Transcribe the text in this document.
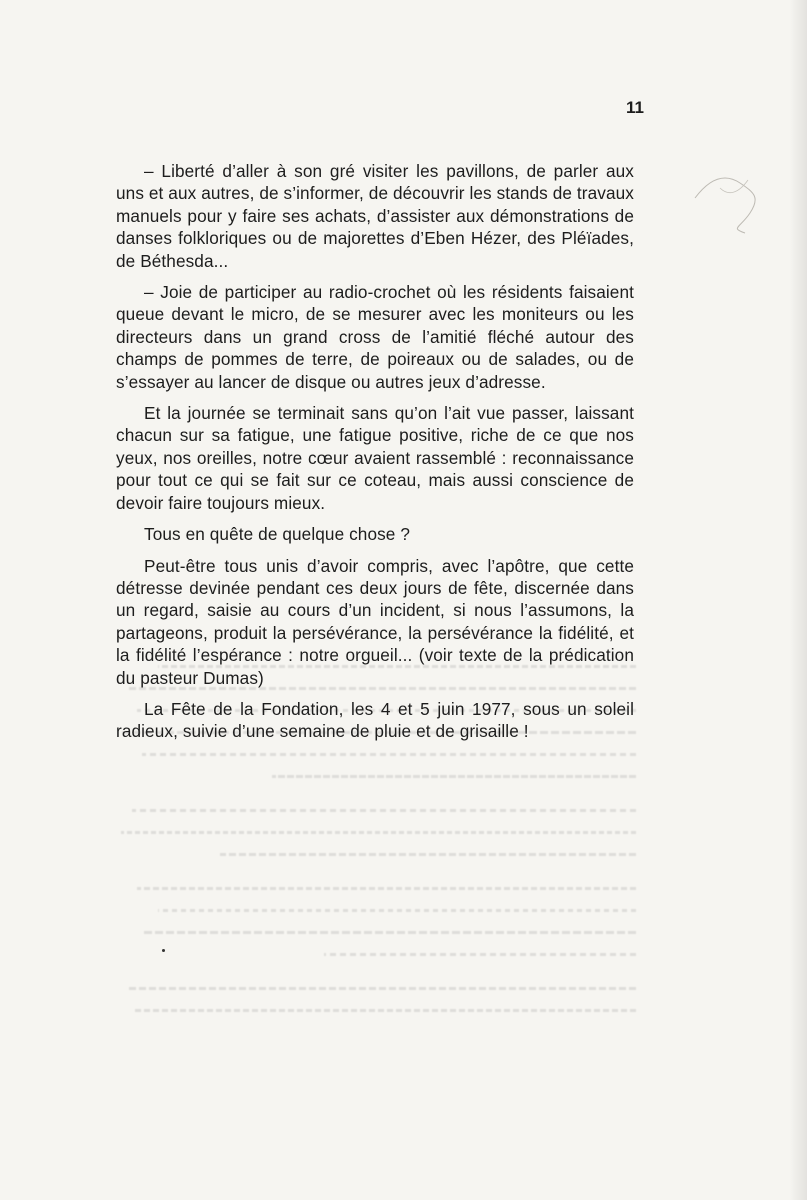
11

– Liberté d’aller à son gré visiter les pavillons, de parler aux uns et aux autres, de s’informer, de découvrir les stands de travaux manuels pour y faire ses achats, d’assister aux démonstrations de danses folkloriques ou de majorettes d’Eben Hézer, des Pléïades, de Béthesda...

– Joie de participer au radio-crochet où les résidents faisaient queue devant le micro, de se mesurer avec les moniteurs ou les directeurs dans un grand cross de l’amitié fléché autour des champs de pommes de terre, de poireaux ou de salades, ou de s’essayer au lancer de disque ou autres jeux d’adresse.

Et la journée se terminait sans qu’on l’ait vue passer, laissant chacun sur sa fatigue, une fatigue positive, riche de ce que nos yeux, nos oreilles, notre cœur avaient rassemblé : reconnaissance pour tout ce qui se fait sur ce coteau, mais aussi conscience de devoir faire toujours mieux.

Tous en quête de quelque chose ?

Peut-être tous unis d’avoir compris, avec l’apôtre, que cette détresse devinée pendant ces deux jours de fête, discernée dans un regard, saisie au cours d’un incident, si nous l’assumons, la partageons, produit la persévérance, la persévérance la fidélité, et la fidélité l’espérance : notre orgueil... (voir texte de la prédication du pasteur Dumas)

La Fête de la Fondation, les 4 et 5 juin 1977, sous un soleil radieux, suivie d’une semaine de pluie et de grisaille !
